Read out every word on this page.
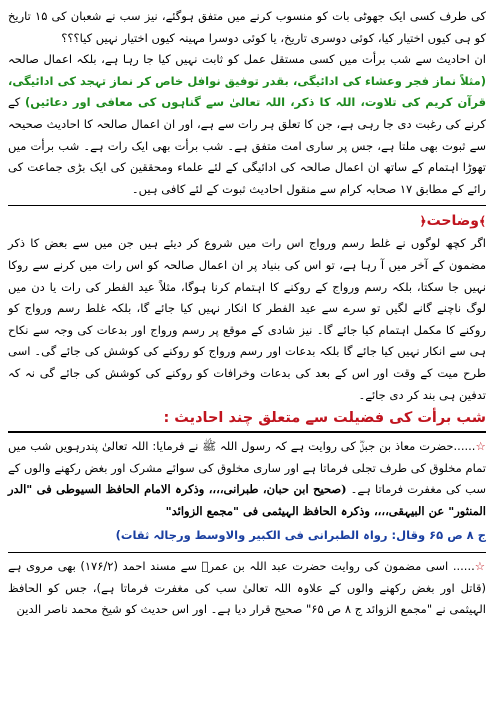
کی طرف کسی ایک جھوٹی بات کو منسوب کرنے میں متفق ہوگئے، نیز سب نے شعبان کی ۱۵ تاریخ کو ہی کیوں اختیار کیا، کوئی دوسری تاریخ، یا کوئی دوسرا مہینہ کیوں اختیار نہیں کیا؟؟؟

ان احادیث سے شب برأت میں کسی مستقل عمل کو ثابت نہیں کیا جا رہا ہے، بلکہ اعمال صالحہ (مثلاً نماز فجر وعشاء کی ادائیگی، بقدر توفیق نوافل خاص کر نماز تہجد کی ادائیگی، قرآن کریم کی تلاوت، اللہ کا ذکر، اللہ تعالیٰ سے گناہوں کی معافی اور دعائیں) کے کرنے کی رغبت دی جا رہی ہے، جن کا تعلق ہر رات سے ہے، اور ان اعمال صالحہ کا احادیث صحیحہ سے ثبوت بھی ملتا ہے، جس پر ساری امت متفق ہے۔ شب برأت بھی ایک رات ہے۔ شب برأت میں تھوڑا اہتمام کے ساتھ ان اعمال صالحہ کی ادائیگی کے لئے علماء ومحققین کی ایک بڑی جماعت کی رائے کے مطابق ۱۷ صحابہ کرام سے منقول احادیث ثبوت کے لئے کافی ہیں۔

﴾وضاحت﴿

اگر کچھ لوگوں نے غلط رسم ورواج اس رات میں شروع کر دیئے ہیں جن میں سے بعض کا ذکر مضمون کے آخر میں آ رہا ہے، تو اس کی بنیاد پر ان اعمال صالحہ کو اس رات میں کرنے سے روکا نہیں جا سکتا، بلکہ رسم ورواج کے روکنے کا اہتمام کرنا ہوگا، مثلاً عید الفطر کی رات یا دن میں لوگ ناچنے گانے لگیں تو سرے سے عید الفطر کا انکار نہیں کیا جائے گا، بلکہ غلط رسم ورواج کو روکنے کا مکمل اہتمام کیا جائے گا۔ نیز شادی کے موقع پر رسم ورواج اور بدعات کی وجہ سے نکاح ہی سے انکار نہیں کیا جائے گا بلکہ بدعات اور رسم ورواج کو روکنے کی کوشش کی جائے گی۔ اسی طرح میت کے وقت اور اس کے بعد کی بدعات وخرافات کو روکنے کی کوشش کی جائے گی نہ کہ تدفین ہی بند کر دی جائے۔

شب برأت کی فضیلت سے متعلق چند احادیث :

☆......حضرت معاذ بن جبلؓ کی روایت ہے کہ رسول اللہ ﷺ نے فرمایا: اللہ تعالیٰ پندرہویں شب میں تمام مخلوق کی طرف تجلی فرماتا ہے اور ساری مخلوق کی سوائے مشرک اور بغض رکھنے والوں کے سب کی مغفرت فرماتا ہے۔ (صحیح ابن حبان، طبرانی،،،، وذکرہ الامام الحافظ السیوطی فی "الدر المنثور" عن البیہقی،،،، وذکرہ الحافظ الہیثمی فی "مجمع الزوائد"

ج ۸ ص ۶۵ وقال: رواہ الطبرانی فی الکبیر والاوسط ورجالہ ثقات)

☆...... اسی مضمون کی روایت حضرت عبد اللہ بن عمرؓ سے مسند احمد (۱۷۶/۲) بھی مروی ہے (قاتل اور بغض رکھنے والوں کے علاوہ اللہ تعالیٰ سب کی مغفرت فرماتا ہے)، جس کو الحافظ الہیثمی نے "مجمع الزوائد ج ۸ ص ۶۵" صحیح قرار دیا ہے۔ اور اس حدیث کو شیخ محمد ناصر الدین
